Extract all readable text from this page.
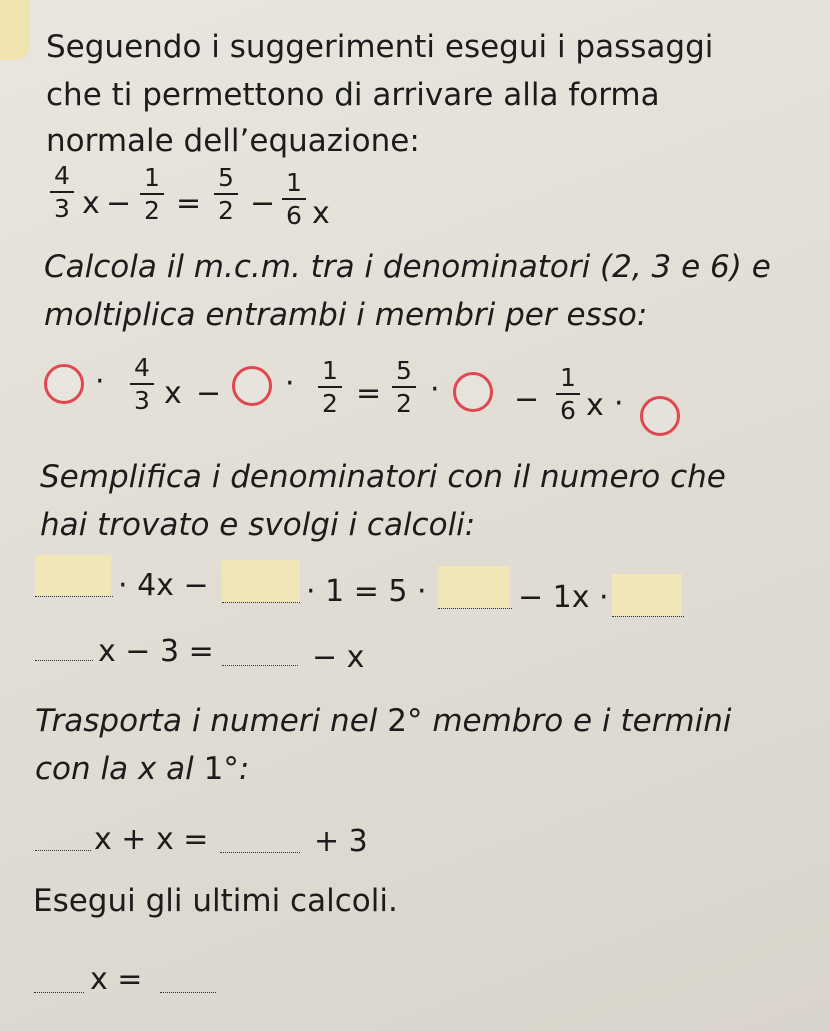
Seguendo i suggerimenti esegui i passaggi
che ti permettono di arrivare alla forma
normale dell’equazione:
4
3 x −
1
2 =
5
2 −
1
6 x
Calcola il m.c.m. tra i denominatori (2, 3 e 6) e
moltiplica entrambi i membri per esso:
· 4
3 x − · 1
2 =
5
2 · −
1
6 x ·
Semplifica i denominatori con il numero che
hai trovato e svolgi i calcoli:
· 4x −	· 1 = 5 ·	− 1x ·
x − 3 =	− x
Trasporta i numeri nel 2° membro e i termini
con la x al 1°:
x + x =	+ 3
Esegui gli ultimi calcoli.
x =
